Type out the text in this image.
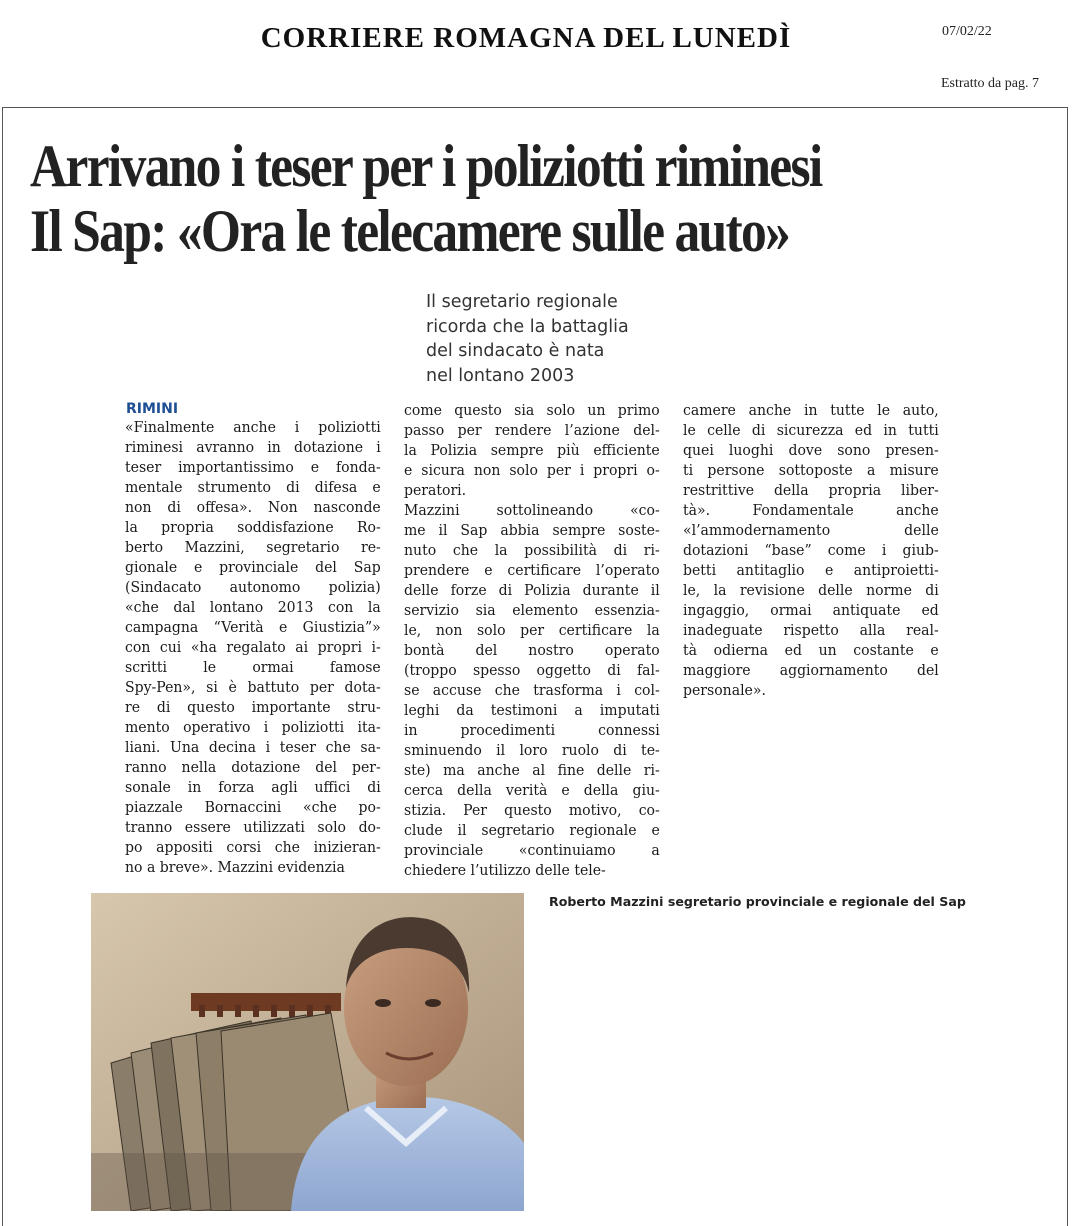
CORRIERE ROMAGNA DEL LUNEDÌ	07/02/22
Estratto da pag. 7
Arrivano i teser per i poliziotti riminesi
Il Sap: «Ora le telecamere sulle auto»
Il segretario regionale
ricorda che la battaglia
del sindacato è nata
nel lontano 2003
RIMINI
«Finalmente anche i poliziotti
riminesi avranno in dotazione i
teser importantissimo e fonda-
mentale strumento di difesa e
non di offesa». Non nasconde
la propria soddisfazione Ro-
berto Mazzini, segretario re-
gionale e provinciale del Sap
(Sindacato autonomo polizia)
«che dal lontano 2013 con la
campagna “Verità e Giustizia”»
con cui «ha regalato ai propri i-
scritti le ormai famose
Spy-Pen», si è battuto per dota-
re di questo importante stru-
mento operativo i poliziotti ita-
liani. Una decina i teser che sa-
ranno nella dotazione del per-
sonale in forza agli uffici di
piazzale Bornaccini «che po-
tranno essere utilizzati solo do-
po appositi corsi che inizieran-
no a breve». Mazzini evidenzia
come questo sia solo un primo
passo per rendere l’azione del-
la Polizia sempre più efficiente
e sicura non solo per i propri o-
peratori.
Mazzini sottolineando «co-
me il Sap abbia sempre soste-
nuto che la possibilità di ri-
prendere e certificare l’operato
delle forze di Polizia durante il
servizio sia elemento essenzia-
le, non solo per certificare la
bontà del nostro operato
(troppo spesso oggetto di fal-
se accuse che trasforma i col-
leghi da testimoni a imputati
in procedimenti connessi
sminuendo il loro ruolo di te-
ste) ma anche al fine delle ri-
cerca della verità e della giu-
stizia. Per questo motivo, co-
clude il segretario regionale e
provinciale «continuiamo a
chiedere l’utilizzo delle tele-
camere anche in tutte le auto,
le celle di sicurezza ed in tutti
quei luoghi dove sono presen-
ti persone sottoposte a misure
restrittive della propria liber-
tà». Fondamentale anche
«l’ammodernamento delle
dotazioni “base” come i giub-
betti antitaglio e antiproietti-
le, la revisione delle norme di
ingaggio, ormai antiquate ed
inadeguate rispetto alla real-
tà odierna ed un costante e
maggiore aggiornamento del
personale».
Roberto Mazzini segretario provinciale e regionale del Sap
